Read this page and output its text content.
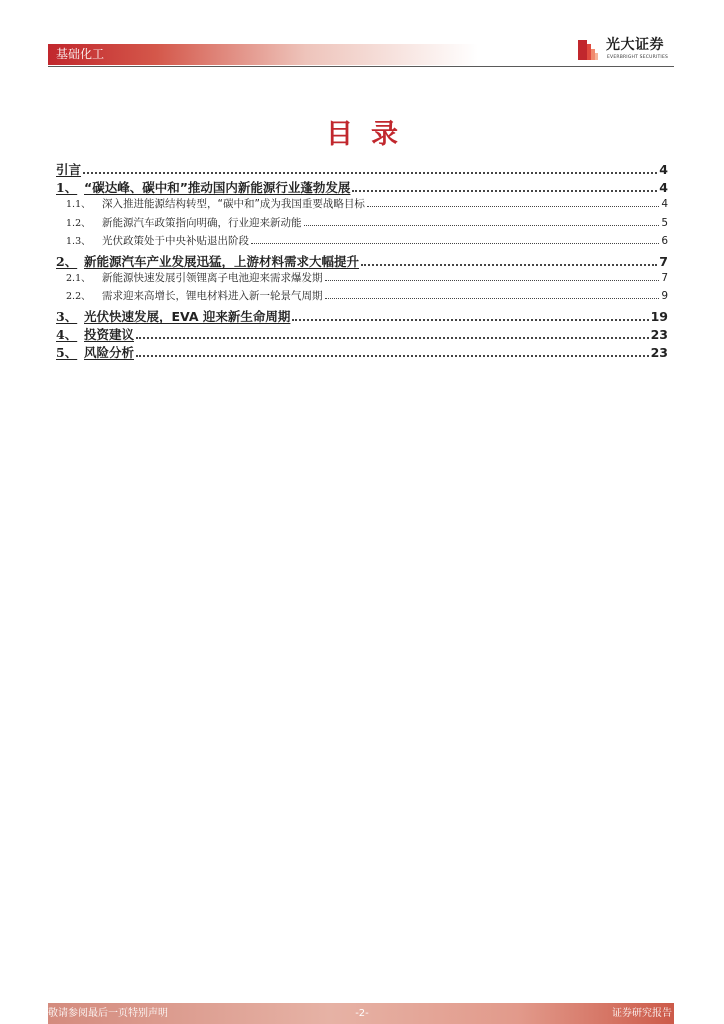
基础化工
光大证券
EVERBRIGHT SECURITIES
目录
引言	4
1、 “碳达峰、碳中和”推动国内新能源行业蓬勃发展	4
1.1、	深入推进能源结构转型，“碳中和”成为我国重要战略目标	4
1.2、	新能源汽车政策指向明确，行业迎来新动能	5
1.3、	光伏政策处于中央补贴退出阶段	6
2、 新能源汽车产业发展迅猛，上游材料需求大幅提升	7
2.1、	新能源快速发展引领锂离子电池迎来需求爆发期	7
2.2、	需求迎来高增长，锂电材料进入新一轮景气周期	9
3、 光伏快速发展，EVA 迎来新生命周期	19
4、 投资建议	23
5、 风险分析	23
敬请参阅最后一页特别声明	-2-	证券研究报告
